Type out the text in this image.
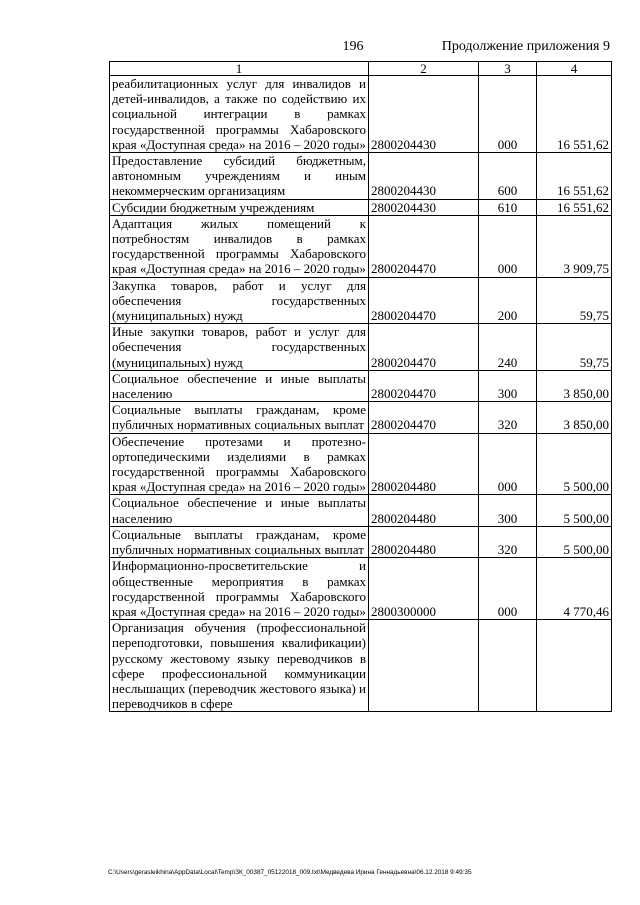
196	Продолжение приложения 9
1	2	3	4
реабилитационных услуг для инвалидов и детей-инвалидов, а также по содействию их социальной интеграции в рамках государственной программы Хабаровского края «Доступная среда» на 2016 – 2020 годы»	2800204430	000	16 551,62
Предоставление субсидий бюджетным, автономным учреждениям и иным некоммерческим организациям	2800204430	600	16 551,62
Субсидии бюджетным учреждениям	2800204430	610	16 551,62
Адаптация жилых помещений к потребностям инвалидов в рамках государственной программы Хабаровского края «Доступная среда» на 2016 – 2020 годы»	2800204470	000	3 909,75
Закупка товаров, работ и услуг для обеспечения государственных (муниципальных) нужд	2800204470	200	59,75
Иные закупки товаров, работ и услуг для обеспечения государственных (муниципальных) нужд	2800204470	240	59,75
Социальное обеспечение и иные выплаты населению	2800204470	300	3 850,00
Социальные выплаты гражданам, кроме публичных нормативных социальных выплат	2800204470	320	3 850,00
Обеспечение протезами и протезно-ортопедическими изделиями в рамках государственной программы Хабаровского края «Доступная среда» на 2016 – 2020 годы»	2800204480	000	5 500,00
Социальное обеспечение и иные выплаты населению	2800204480	300	5 500,00
Социальные выплаты гражданам, кроме публичных нормативных социальных выплат	2800204480	320	5 500,00
Информационно-просветительские и общественные мероприятия в рамках государственной программы Хабаровского края «Доступная среда» на 2016 – 2020 годы»	2800300000	000	4 770,46
Организация обучения (профессиональной переподготовки, повышения квалификации) русскому жестовому языку переводчиков в сфере профессиональной коммуникации неслышащих (переводчик жестового языка) и переводчиков в сфере			
C:\Users\gerasleikhina\AppData\Local\Temp\ЗК_00387_05122018_009.txt\Медведева Ирина Геннадьевна\06.12.2018 9:49:35
